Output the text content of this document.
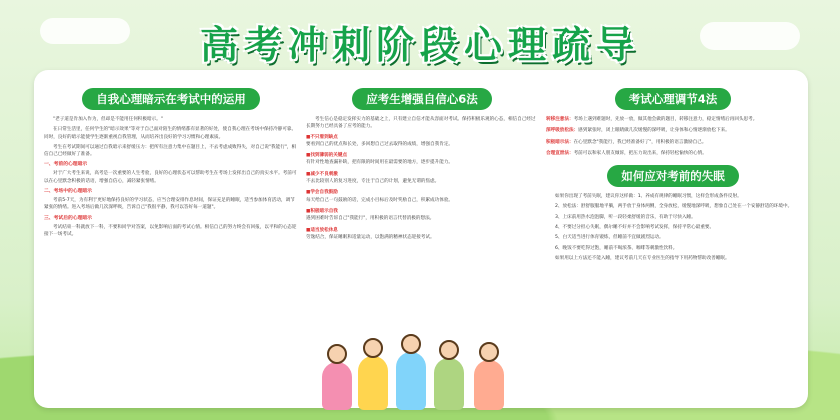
高考冲刺阶段心理疏导
自我心理暗示在考试中的运用

"老子道是肯加入作为，但却是不能用任何积极暗示。"

在日常生活里，任何学生的"暗示效果"等对于自己面对陌生的情绪都有显著的好处，使自我心理在考场中保持冷静可靠。同时，良好的暗示能使学生逐渐重视自我管理，从而培养出良好的学习习惯和心理素质。

考生在考试期间可以通过自我暗示来舒缓压力：把所有注意力集中在题目上，不去考虑成败得失，对自己说"我能行"，相信自己已经做好了准备。

一、考前的心理暗示

对于广大考生来说，高考是一次重要的人生考验，良好的心理状态可以帮助考生在考场上发挥出自己的真实水平。考前可以在心里默念积极的话语，增强自信心，减轻紧张情绪。

二、考场中的心理暗示

考前5-7天，为有利于更好地保持良好的学习状态，应当合理安排作息时间，保证充足的睡眠，适当参加体育活动，调节紧张的情绪。进入考场后做几次深呼吸，告诉自己"我很平静，我可以答好每一道题"。

三、考试后的心理暗示

考试结束一科就放下一科，不要和同学对答案，以免影响后面的考试心情。相信自己的努力终会有回报，以平和的心态迎接下一场考试。

应考生增强自信心6法

考生信心是稳定发挥实力的基础之上，只有建立自信才能从容面对考试。保持积极乐观的心态，相信自己经过长期努力已经具备了应考的能力。

■不只看到缺点
要看到自己的优点和长处，多回想自己过去取得的成绩，增强自我肯定。
■找到薄弱的关键点
有针对性地查漏补缺，把有限的时间用在最需要的地方，逐步提升能力。
■减少不良刺激
不去比较别人的复习进度，专注于自己的计划，避免无谓的焦虑。
■学会自我鼓励
每天给自己一句鼓励的话，完成小目标后及时奖励自己，积累成功体验。
■积极暗示自我
遇到困难时告诉自己"我能行"，用积极的语言代替消极的想法。
■适当放松休息
劳逸结合，保证睡眠和适量运动，以饱满的精神状态迎接考试。
考试心理调节4法
转移注意法：考场上遇到难题时，先放一放，做其他会做的题目，转移注意力，稳定情绪后再回头思考。
深呼吸放松法：感到紧张时，闭上眼睛做几次缓慢的深呼吸，让身体和心情逐渐放松下来。
积极暗示法：在心里默念"我能行，我已经准备好了"，用积极的语言激励自己。
合理宣泄法：考前可以和家人朋友倾诉，把压力说出来，保持轻松愉快的心情。
如何应对考前的失眠

如果你出现了考前失眠，建议你这样做：1、养成有规律的睡眠习惯，这样会形成条件反射。

2、放松法：舒舒服服地平躺，两手放于身体两侧，全身放松，缓慢地深呼吸，想象自己处在一个安静舒适的环境中。

3、上床前用热水泡泡脚，听一段轻柔舒缓的音乐，有助于尽快入睡。

4、不要过分担心失眠，偶尔睡不好并不会影响考试发挥，保持平常心最重要。

5、白天适当进行体育锻炼，但睡前不宜做剧烈运动。

6、晚饭不要吃得过饱，睡前不喝浓茶、咖啡等刺激性饮料。

如果用以上方法还不能入睡，建议考前几天在专业医生的指导下用药物帮助改善睡眠。
